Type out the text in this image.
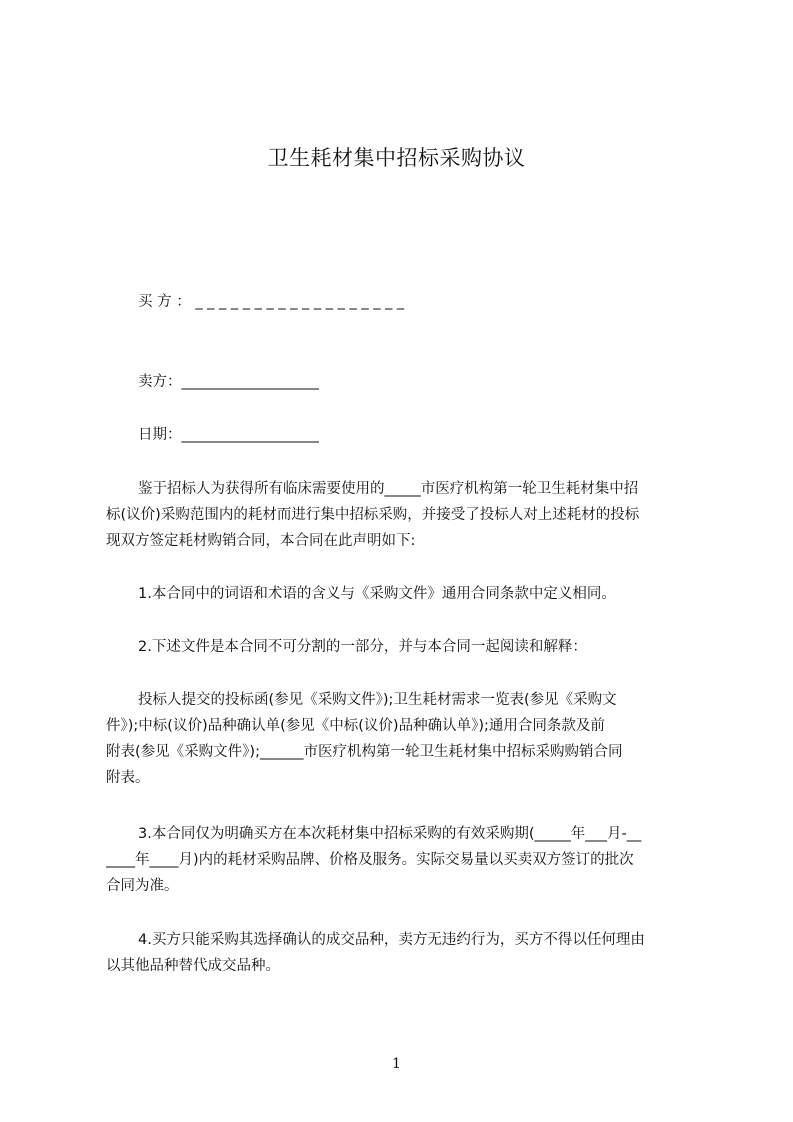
卫生耗材集中招标采购协议
买 方 ： _ _ _ _ _ _ _ _ _ _ _ _ _ _ _ _ _ _
卖方：___________________
日期：___________________
鉴于招标人为获得所有临床需要使用的_____市医疗机构第一轮卫生耗材集中招
标(议价)采购范围内的耗材而进行集中招标采购，并接受了投标人对上述耗材的投标
现双方签定耗材购销合同，本合同在此声明如下:
1.本合同中的词语和术语的含义与《采购文件》通用合同条款中定义相同。
2.下述文件是本合同不可分割的一部分，并与本合同一起阅读和解释：
投标人提交的投标函(参见《采购文件》);卫生耗材需求一览表(参见《采购文
件》);中标(议价)品种确认单(参见《中标(议价)品种确认单》);通用合同条款及前
附表(参见《采购文件》);______市医疗机构第一轮卫生耗材集中招标采购购销合同
附表。
3.本合同仅为明确买方在本次耗材集中招标采购的有效采购期(_____年___月-__
____年____月)内的耗材采购品牌、价格及服务。实际交易量以买卖双方签订的批次
合同为准。
4.买方只能采购其选择确认的成交品种，卖方无违约行为，买方不得以任何理由
以其他品种替代成交品种。
1
